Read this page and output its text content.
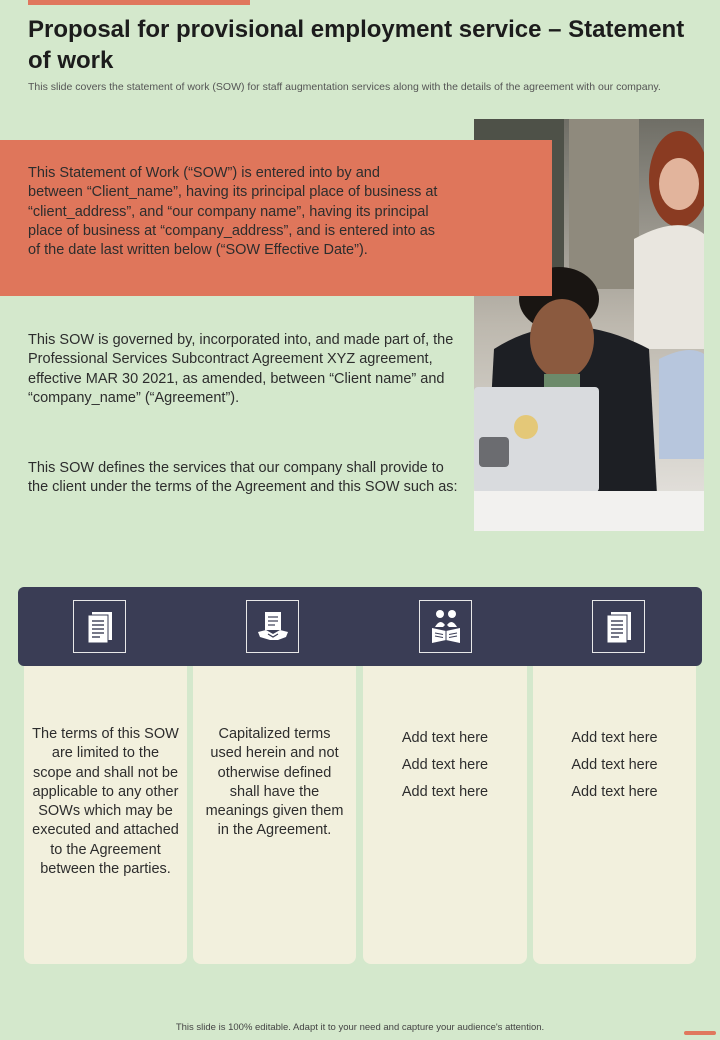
Proposal for provisional employment service – Statement of work
This slide covers the statement of work (SOW) for staff augmentation services along with the details of the agreement with our company.
This Statement of Work (“SOW”) is entered into by and between “Client_name”, having its principal place of business at “client_address”, and “our company name”, having its principal place of business at “company_address”, and is entered into as of the date last written below (“SOW Effective Date”).
This SOW is governed by, incorporated into, and made part of, the Professional Services Subcontract Agreement XYZ agreement, effective MAR 30 2021, as amended, between “Client name” and “company_name” (“Agreement”).
This SOW defines the services that our company shall provide to the client under the terms of the Agreement and this SOW such as:
The terms of this SOW are limited to the scope and shall not be applicable to any other SOWs which may be executed and attached to the Agreement between the parties.
Capitalized terms used herein and not otherwise defined shall have the meanings given them in the Agreement.
Add text here
Add text here
Add text here
Add text here
Add text here
Add text here
This slide is 100% editable. Adapt it to your need and capture your audience's attention.
